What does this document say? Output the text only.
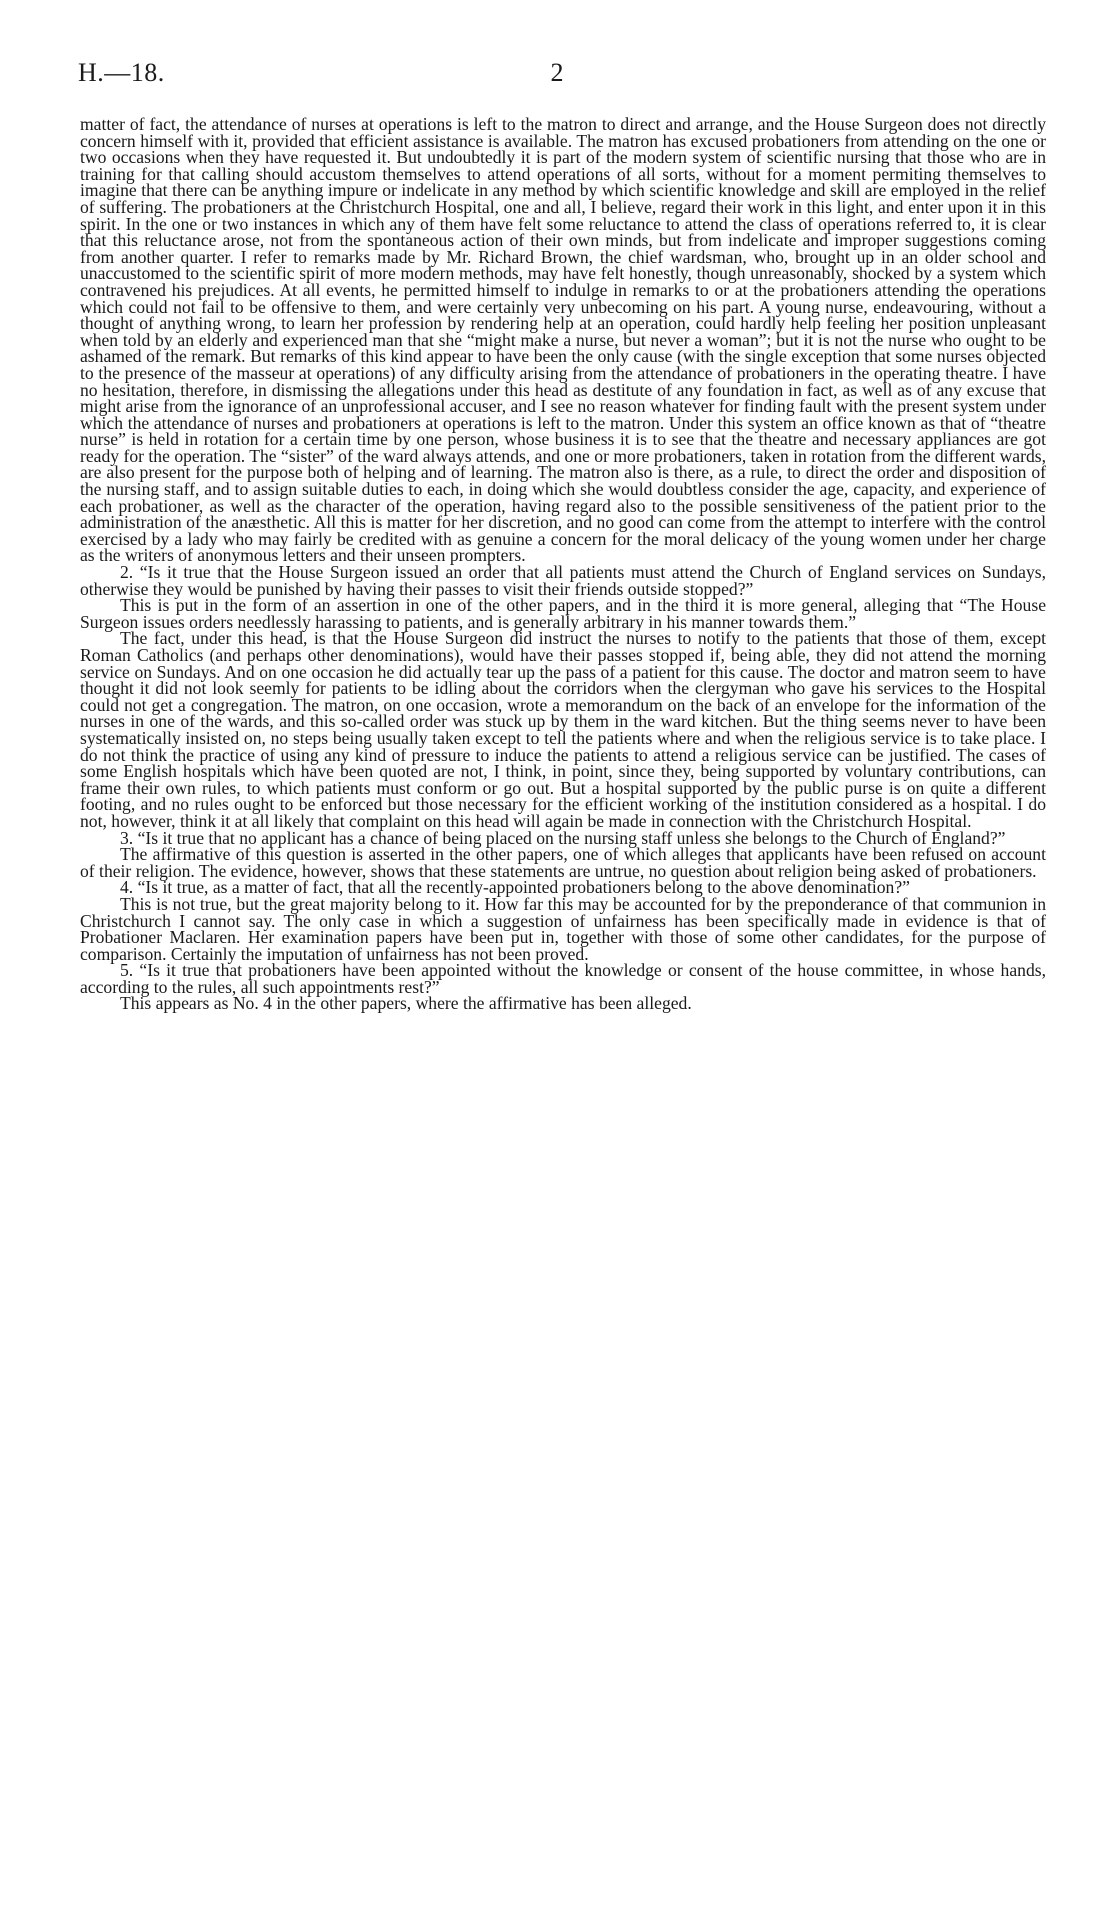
H.—18.	2

matter of fact, the attendance of nurses at operations is left to the matron to direct and arrange, and the House Surgeon does not directly concern himself with it, provided that efficient assistance is available. The matron has excused probationers from attending on the one or two occasions when they have requested it. But undoubtedly it is part of the modern system of scientific nursing that those who are in training for that calling should accustom themselves to attend operations of all sorts, without for a moment permiting themselves to imagine that there can be anything impure or indelicate in any method by which scientific knowledge and skill are employed in the relief of suffering. The probationers at the Christchurch Hospital, one and all, I believe, regard their work in this light, and enter upon it in this spirit. In the one or two instances in which any of them have felt some reluctance to attend the class of operations referred to, it is clear that this reluctance arose, not from the spontaneous action of their own minds, but from indelicate and improper suggestions coming from another quarter. I refer to remarks made by Mr. Richard Brown, the chief wardsman, who, brought up in an older school and unaccustomed to the scientific spirit of more modern methods, may have felt honestly, though unreasonably, shocked by a system which contravened his prejudices. At all events, he permitted himself to indulge in remarks to or at the probationers attending the operations which could not fail to be offensive to them, and were certainly very unbecoming on his part. A young nurse, endeavouring, without a thought of anything wrong, to learn her profession by rendering help at an operation, could hardly help feeling her position unpleasant when told by an elderly and experienced man that she “might make a nurse, but never a woman”; but it is not the nurse who ought to be ashamed of the remark. But remarks of this kind appear to have been the only cause (with the single exception that some nurses objected to the presence of the masseur at operations) of any difficulty arising from the attendance of probationers in the operating theatre. I have no hesitation, therefore, in dismissing the allegations under this head as destitute of any foundation in fact, as well as of any excuse that might arise from the ignorance of an unprofessional accuser, and I see no reason whatever for finding fault with the present system under which the attendance of nurses and probationers at operations is left to the matron. Under this system an office known as that of “theatre nurse” is held in rotation for a certain time by one person, whose business it is to see that the theatre and necessary appliances are got ready for the operation. The “sister” of the ward always attends, and one or more probationers, taken in rotation from the different wards, are also present for the purpose both of helping and of learning. The matron also is there, as a rule, to direct the order and disposition of the nursing staff, and to assign suitable duties to each, in doing which she would doubtless consider the age, capacity, and experience of each probationer, as well as the character of the operation, having regard also to the possible sensitiveness of the patient prior to the administration of the anæsthetic. All this is matter for her discretion, and no good can come from the attempt to interfere with the control exercised by a lady who may fairly be credited with as genuine a concern for the moral delicacy of the young women under her charge as the writers of anonymous letters and their unseen prompters.

2. “Is it true that the House Surgeon issued an order that all patients must attend the Church of England services on Sundays, otherwise they would be punished by having their passes to visit their friends outside stopped?”

This is put in the form of an assertion in one of the other papers, and in the third it is more general, alleging that “The House Surgeon issues orders needlessly harassing to patients, and is generally arbitrary in his manner towards them.”

The fact, under this head, is that the House Surgeon did instruct the nurses to notify to the patients that those of them, except Roman Catholics (and perhaps other denominations), would have their passes stopped if, being able, they did not attend the morning service on Sundays. And on one occasion he did actually tear up the pass of a patient for this cause. The doctor and matron seem to have thought it did not look seemly for patients to be idling about the corridors when the clergyman who gave his services to the Hospital could not get a congregation. The matron, on one occasion, wrote a memorandum on the back of an envelope for the information of the nurses in one of the wards, and this so-called order was stuck up by them in the ward kitchen. But the thing seems never to have been systematically insisted on, no steps being usually taken except to tell the patients where and when the religious service is to take place. I do not think the practice of using any kind of pressure to induce the patients to attend a religious service can be justified. The cases of some English hospitals which have been quoted are not, I think, in point, since they, being supported by voluntary contributions, can frame their own rules, to which patients must conform or go out. But a hospital supported by the public purse is on quite a different footing, and no rules ought to be enforced but those necessary for the efficient working of the institution considered as a hospital. I do not, however, think it at all likely that complaint on this head will again be made in connection with the Christchurch Hospital.

3. “Is it true that no applicant has a chance of being placed on the nursing staff unless she belongs to the Church of England?”

The affirmative of this question is asserted in the other papers, one of which alleges that applicants have been refused on account of their religion. The evidence, however, shows that these statements are untrue, no question about religion being asked of probationers.

4. “Is it true, as a matter of fact, that all the recently-appointed probationers belong to the above denomination?”

This is not true, but the great majority belong to it. How far this may be accounted for by the preponderance of that communion in Christchurch I cannot say. The only case in which a suggestion of unfairness has been specifically made in evidence is that of Probationer Maclaren. Her examination papers have been put in, together with those of some other candidates, for the purpose of comparison. Certainly the imputation of unfairness has not been proved.

5. “Is it true that probationers have been appointed without the knowledge or consent of the house committee, in whose hands, according to the rules, all such appointments rest?”

This appears as No. 4 in the other papers, where the affirmative has been alleged.
